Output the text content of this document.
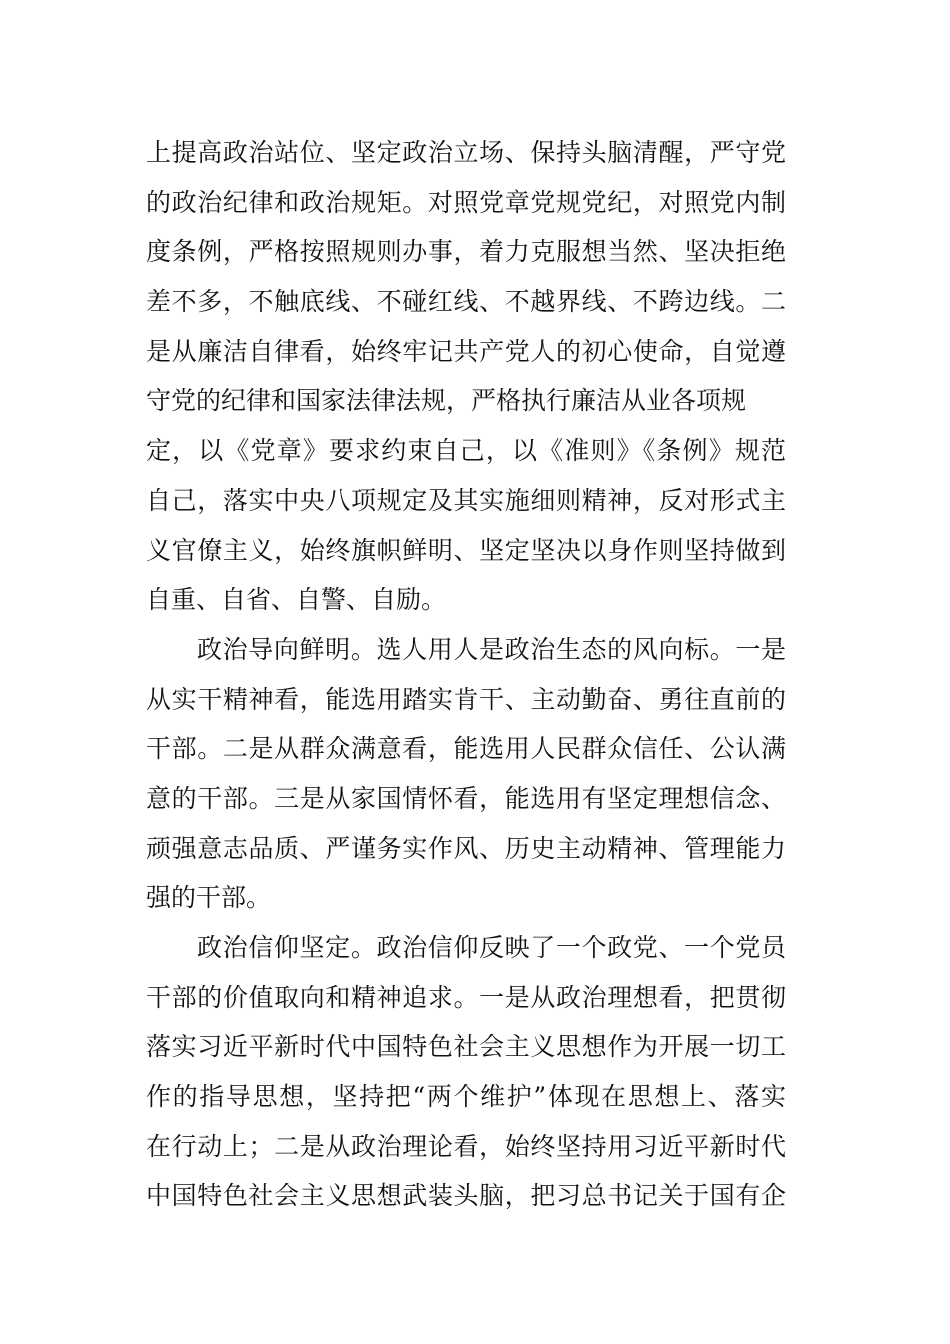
上提高政治站位、坚定政治立场、保持头脑清醒，严守党
的政治纪律和政治规矩。对照党章党规党纪，对照党内制
度条例，严格按照规则办事，着力克服想当然、坚决拒绝
差不多，不触底线、不碰红线、不越界线、不跨边线。二
是从廉洁自律看，始终牢记共产党人的初心使命，自觉遵
守党的纪律和国家法律法规，严格执行廉洁从业各项规
定，以《党章》要求约束自己，以《准则》《条例》规范
自己，落实中央八项规定及其实施细则精神，反对形式主
义官僚主义，始终旗帜鲜明、坚定坚决以身作则坚持做到
自重、自省、自警、自励。
政治导向鲜明。选人用人是政治生态的风向标。一是
从实干精神看，能选用踏实肯干、主动勤奋、勇往直前的
干部。二是从群众满意看，能选用人民群众信任、公认满
意的干部。三是从家国情怀看，能选用有坚定理想信念、
顽强意志品质、严谨务实作风、历史主动精神、管理能力
强的干部。
政治信仰坚定。政治信仰反映了一个政党、一个党员
干部的价值取向和精神追求。一是从政治理想看，把贯彻
落实习近平新时代中国特色社会主义思想作为开展一切工
作的指导思想，坚持把“两个维护”体现在思想上、落实
在行动上；二是从政治理论看，始终坚持用习近平新时代
中国特色社会主义思想武装头脑，把习总书记关于国有企
